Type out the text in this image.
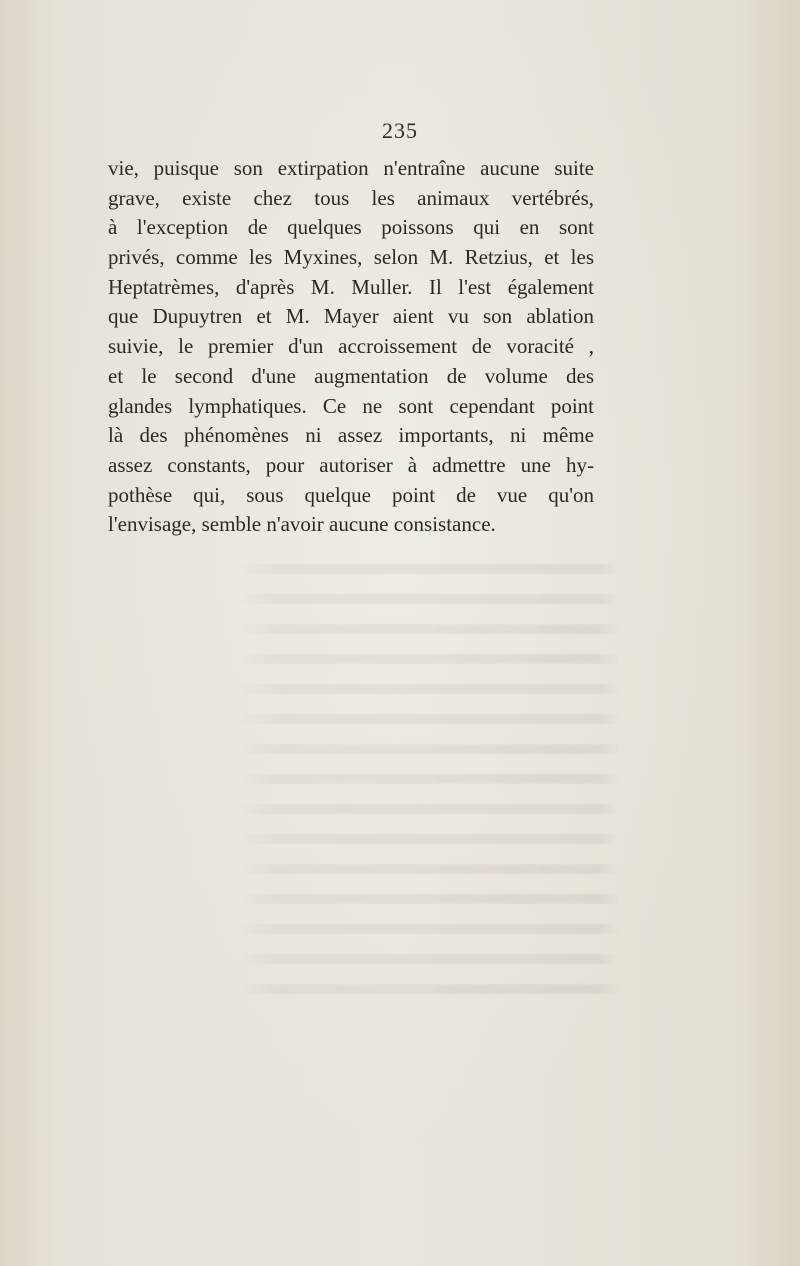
235
vie, puisque son extirpation n'entraîne aucune suite
grave, existe chez tous les animaux vertébrés,
à l'exception de quelques poissons qui en sont
privés, comme les Myxines, selon M. Retzius, et les
Heptatrèmes, d'après M. Muller. Il l'est également
que Dupuytren et M. Mayer aient vu son ablation
suivie, le premier d'un accroissement de voracité ,
et le second d'une augmentation de volume des
glandes lymphatiques. Ce ne sont cependant point
là des phénomènes ni assez importants, ni même
assez constants, pour autoriser à admettre une hy-
pothèse qui, sous quelque point de vue qu'on
l'envisage, semble n'avoir aucune consistance.
